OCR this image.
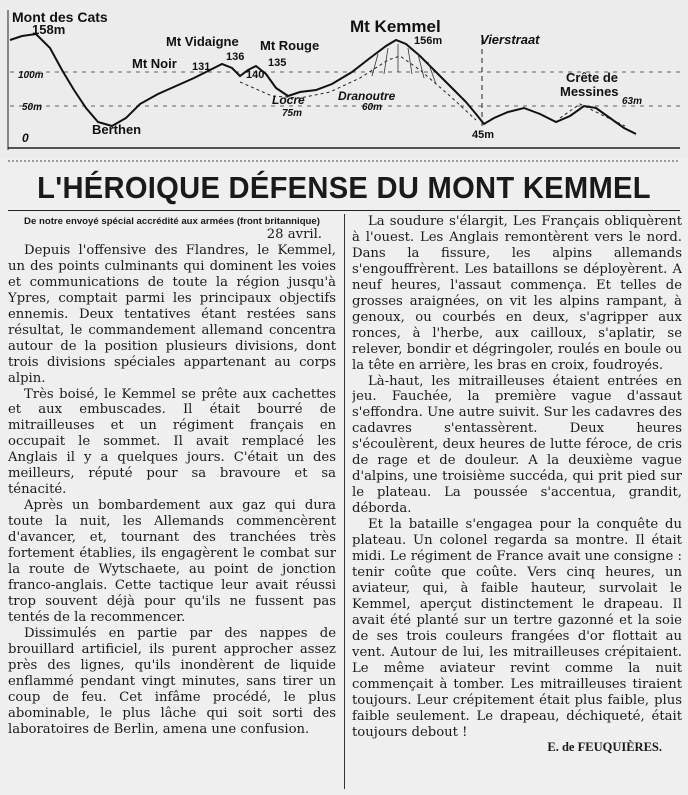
Mont des Cats
158m
Mt Vidaigne
136
Mt Rouge
135
Mt Noir 131
140
Mt Kemmel
156m	Vierstraat
Crête de
Messines
63m
Berthen
Locre
75m
Dranoutre
60m
45m
100m
50m
0
L'HÉROIQUE DÉFENSE DU MONT KEMMEL
De notre envoyé spécial accrédité aux armées (front britannique)
28 avril.

Depuis l'offensive des Flandres, le Kemmel, un des points culminants qui dominent les voies et communications de toute la région jusqu'à Ypres, comptait parmi les principaux objectifs ennemis. Deux tentatives étant restées sans résultat, le commandement allemand concentra autour de la position plusieurs divisions, dont trois divisions spéciales appartenant au corps alpin.

Très boisé, le Kemmel se prête aux cachettes et aux embuscades. Il était bourré de mitrailleuses et un régiment français en occupait le sommet. Il avait remplacé les Anglais il y a quelques jours. C'était un des meilleurs, réputé pour sa bravoure et sa ténacité.

Après un bombardement aux gaz qui dura toute la nuit, les Allemands commencèrent d'avancer, et, tournant des tranchées très fortement établies, ils engagèrent le combat sur la route de Wytschaete, au point de jonction franco-anglais. Cette tactique leur avait réussi trop souvent déjà pour qu'ils ne fussent pas tentés de la recommencer.

Dissimulés en partie par des nappes de brouillard artificiel, ils purent approcher assez près des lignes, qu'ils inondèrent de liquide enflammé pendant vingt minutes, sans tirer un coup de feu. Cet infâme procédé, le plus abominable, le plus lâche qui soit sorti des laboratoires de Berlin, amena une confusion.

La soudure s'élargit, Les Français obliquèrent à l'ouest. Les Anglais remontèrent vers le nord. Dans la fissure, les alpins allemands s'engouffrèrent. Les bataillons se déployèrent. A neuf heures, l'assaut commença. Et telles de grosses araignées, on vit les alpins rampant, à genoux, ou courbés en deux, s'agripper aux ronces, à l'herbe, aux cailloux, s'aplatir, se relever, bondir et dégringoler, roulés en boule ou la tête en arrière, les bras en croix, foudroyés.

Là-haut, les mitrailleuses étaient entrées en jeu. Fauchée, la première vague d'assaut s'effondra. Une autre suivit. Sur les cadavres des cadavres s'entassèrent. Deux heures s'écoulèrent, deux heures de lutte féroce, de cris de rage et de douleur. A la deuxième vague d'alpins, une troisième succéda, qui prit pied sur le plateau. La poussée s'accentua, grandit, déborda.

Et la bataille s'engagea pour la conquête du plateau. Un colonel regarda sa montre. Il était midi. Le régiment de France avait une consigne : tenir coûte que coûte. Vers cinq heures, un aviateur, qui, à faible hauteur, survolait le Kemmel, aperçut distinctement le drapeau. Il avait été planté sur un tertre gazonné et la soie de ses trois couleurs frangées d'or flottait au vent. Autour de lui, les mitrailleuses crépitaient. Le même aviateur revint comme la nuit commençait à tomber. Les mitrailleuses tiraient toujours. Leur crépitement était plus faible, plus faible seulement. Le drapeau, déchiqueté, était toujours debout !

E. de FEUQUIÈRES.
